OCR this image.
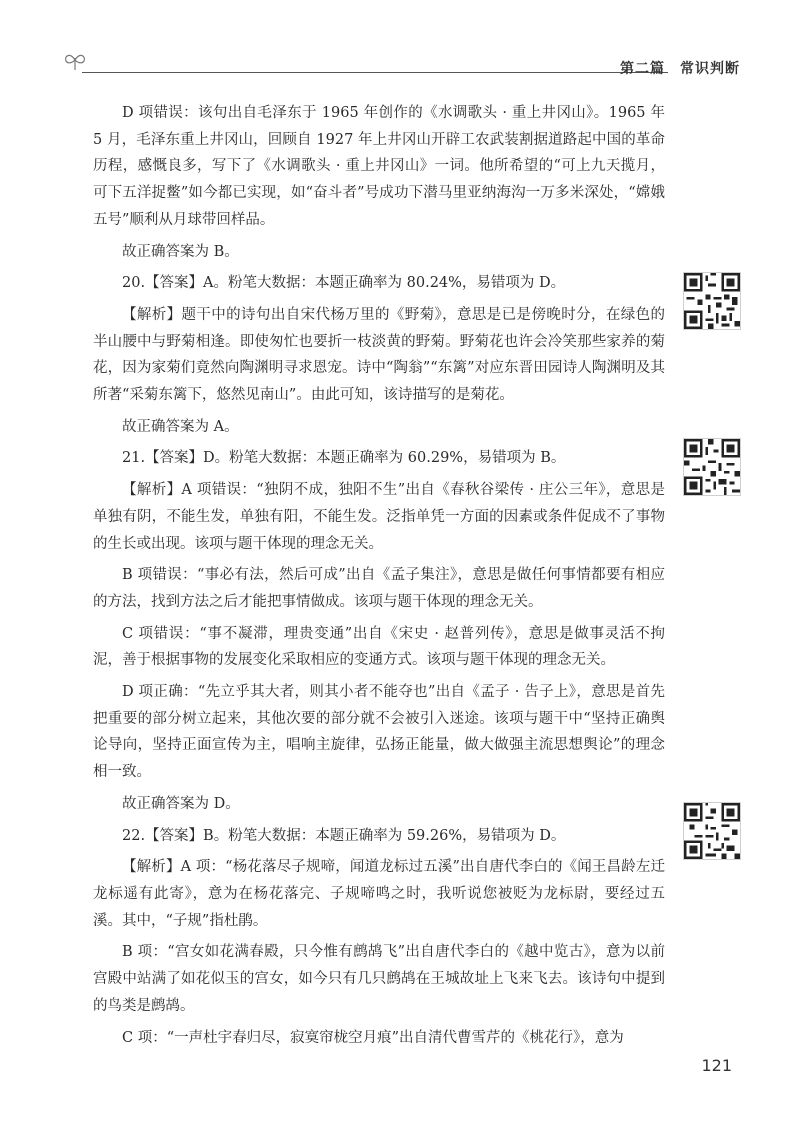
第二篇　常识判断

D 项错误：该句出自毛泽东于 1965 年创作的《水调歌头 · 重上井冈山》。1965 年 5 月，毛泽东重上井冈山，回顾自 1927 年上井冈山开辟工农武装割据道路起中国的革命历程，感慨良多，写下了《水调歌头 · 重上井冈山》一词。他所希望的“可上九天揽月，可下五洋捉鳖”如今都已实现，如“奋斗者”号成功下潜马里亚纳海沟一万多米深处，“嫦娥五号”顺利从月球带回样品。

故正确答案为 B。

20.【答案】A。粉笔大数据：本题正确率为 80.24%，易错项为 D。

【解析】题干中的诗句出自宋代杨万里的《野菊》，意思是已是傍晚时分，在绿色的半山腰中与野菊相逢。即使匆忙也要折一枝淡黄的野菊。野菊花也许会冷笑那些家养的菊花，因为家菊们竟然向陶渊明寻求恩宠。诗中“陶翁”“东篱”对应东晋田园诗人陶渊明及其所著“采菊东篱下，悠然见南山”。由此可知，该诗描写的是菊花。

故正确答案为 A。

21.【答案】D。粉笔大数据：本题正确率为 60.29%，易错项为 B。

【解析】A 项错误：“独阴不成，独阳不生”出自《春秋谷梁传 · 庄公三年》，意思是单独有阴，不能生发，单独有阳，不能生发。泛指单凭一方面的因素或条件促成不了事物的生长或出现。该项与题干体现的理念无关。

B 项错误：“事必有法，然后可成”出自《孟子集注》，意思是做任何事情都要有相应的方法，找到方法之后才能把事情做成。该项与题干体现的理念无关。

C 项错误：“事不凝滞，理贵变通”出自《宋史 · 赵普列传》，意思是做事灵活不拘泥，善于根据事物的发展变化采取相应的变通方式。该项与题干体现的理念无关。

D 项正确：“先立乎其大者，则其小者不能夺也”出自《孟子 · 告子上》，意思是首先把重要的部分树立起来，其他次要的部分就不会被引入迷途。该项与题干中“坚持正确舆论导向，坚持正面宣传为主，唱响主旋律，弘扬正能量，做大做强主流思想舆论”的理念相一致。

故正确答案为 D。

22.【答案】B。粉笔大数据：本题正确率为 59.26%，易错项为 D。

【解析】A 项：“杨花落尽子规啼，闻道龙标过五溪”出自唐代李白的《闻王昌龄左迁龙标遥有此寄》，意为在杨花落完、子规啼鸣之时，我听说您被贬为龙标尉，要经过五溪。其中，“子规”指杜鹃。

B 项：“宫女如花满春殿，只今惟有鹧鸪飞”出自唐代李白的《越中览古》，意为以前宫殿中站满了如花似玉的宫女，如今只有几只鹧鸪在王城故址上飞来飞去。该诗句中提到的鸟类是鹧鸪。

C 项：“一声杜宇春归尽，寂寞帘栊空月痕”出自清代曹雪芹的《桃花行》，意为

121
